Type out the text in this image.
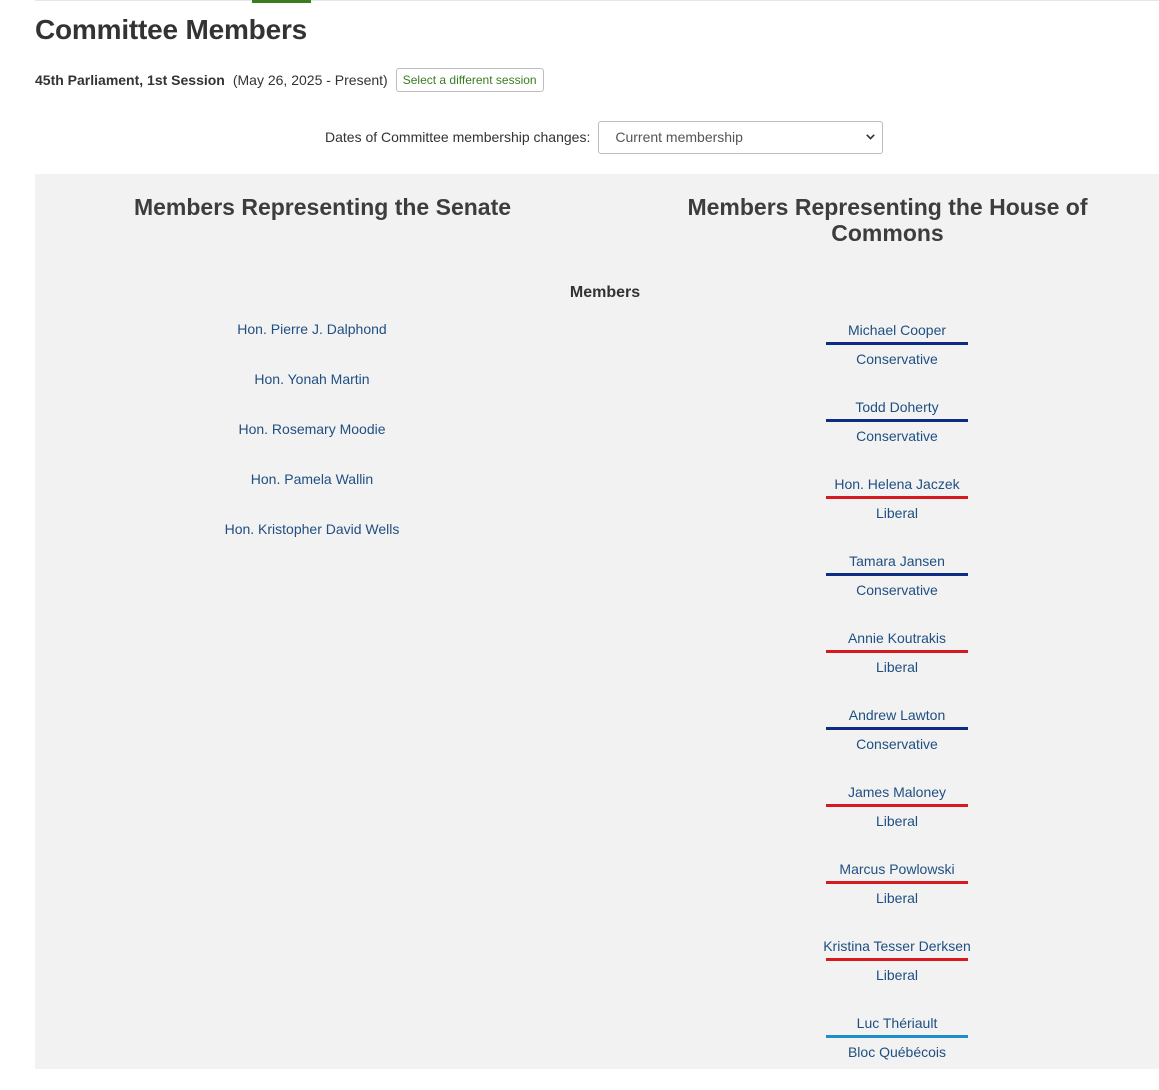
Committee Members
45th Parliament, 1st Session (May 26, 2025 - Present)	Select a different session
Dates of Committee membership changes: Current membership
Members Representing the Senate	Members Representing the House of Commons
Members
Hon. Pierre J. Dalphond
Hon. Yonah Martin
Hon. Rosemary Moodie
Hon. Pamela Wallin
Hon. Kristopher David Wells
Michael Cooper
Conservative
Todd Doherty
Conservative
Hon. Helena Jaczek
Liberal
Tamara Jansen
Conservative
Annie Koutrakis
Liberal
Andrew Lawton
Conservative
James Maloney
Liberal
Marcus Powlowski
Liberal
Kristina Tesser Derksen
Liberal
Luc Thériault
Bloc Québécois
